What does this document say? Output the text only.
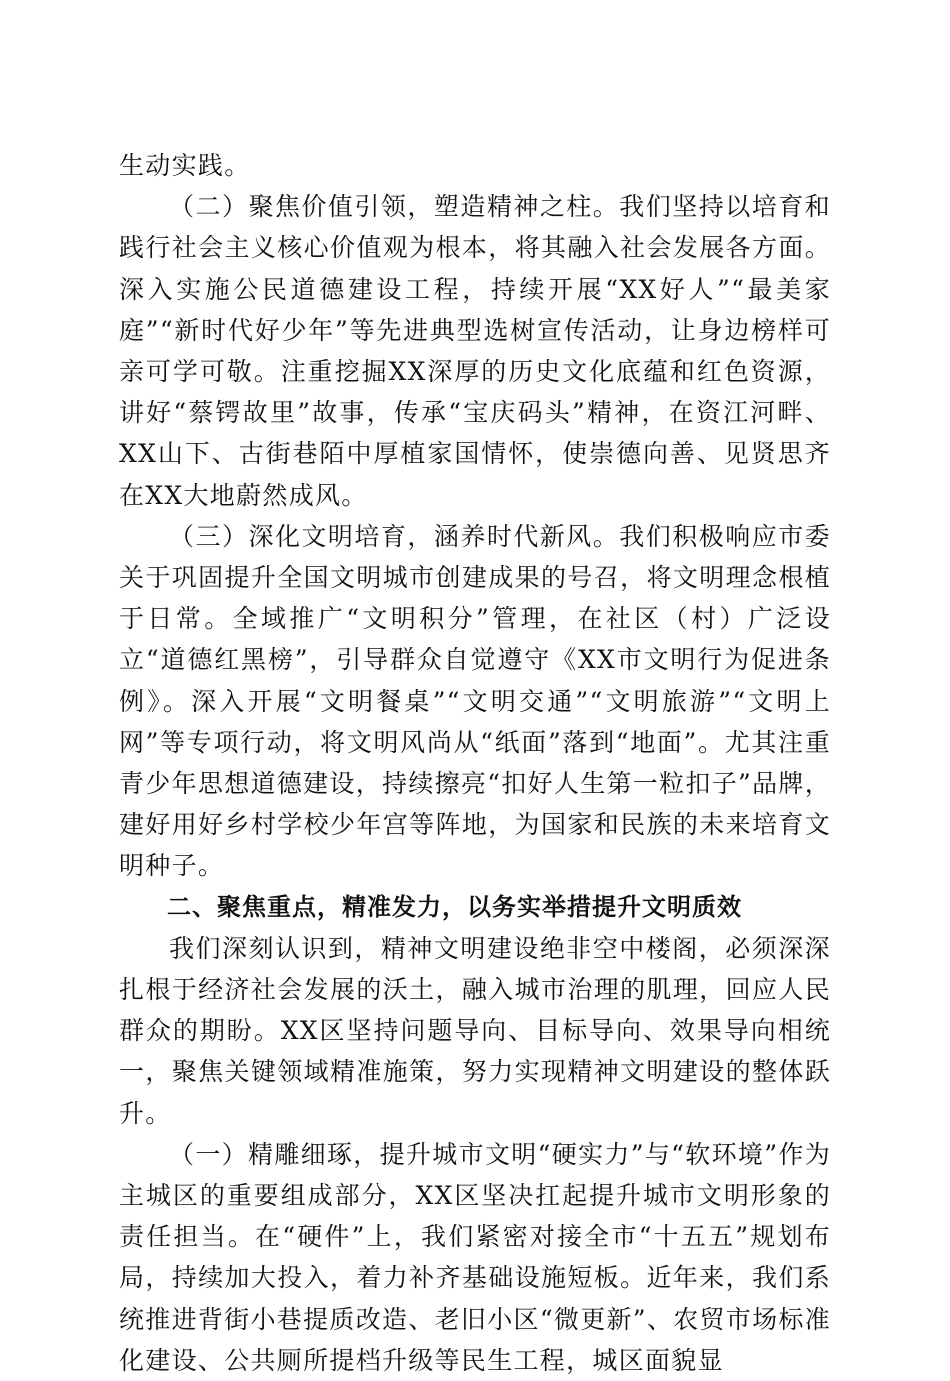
生动实践。

（二）聚焦价值引领，塑造精神之柱。我们坚持以培育和践行社会主义核心价值观为根本，将其融入社会发展各方面。深入实施公民道德建设工程，持续开展“XX好人”“最美家庭”“新时代好少年”等先进典型选树宣传活动，让身边榜样可亲可学可敬。注重挖掘XX深厚的历史文化底蕴和红色资源，讲好“蔡锷故里”故事，传承“宝庆码头”精神，在资江河畔、XX山下、古街巷陌中厚植家国情怀，使崇德向善、见贤思齐在XX大地蔚然成风。

（三）深化文明培育，涵养时代新风。我们积极响应市委关于巩固提升全国文明城市创建成果的号召，将文明理念根植于日常。全域推广“文明积分”管理，在社区（村）广泛设立“道德红黑榜”，引导群众自觉遵守《XX市文明行为促进条例》。深入开展“文明餐桌”“文明交通”“文明旅游”“文明上网”等专项行动，将文明风尚从“纸面”落到“地面”。尤其注重青少年思想道德建设，持续擦亮“扣好人生第一粒扣子”品牌，建好用好乡村学校少年宫等阵地，为国家和民族的未来培育文明种子。

二、聚焦重点，精准发力，以务实举措提升文明质效

我们深刻认识到，精神文明建设绝非空中楼阁，必须深深扎根于经济社会发展的沃土，融入城市治理的肌理，回应人民群众的期盼。XX区坚持问题导向、目标导向、效果导向相统一，聚焦关键领域精准施策，努力实现精神文明建设的整体跃升。

（一）精雕细琢，提升城市文明“硬实力”与“软环境”作为主城区的重要组成部分，XX区坚决扛起提升城市文明形象的责任担当。在“硬件”上，我们紧密对接全市“十五五”规划布局，持续加大投入，着力补齐基础设施短板。近年来，我们系统推进背街小巷提质改造、老旧小区“微更新”、农贸市场标准化建设、公共厕所提档升级等民生工程，城区面貌显
